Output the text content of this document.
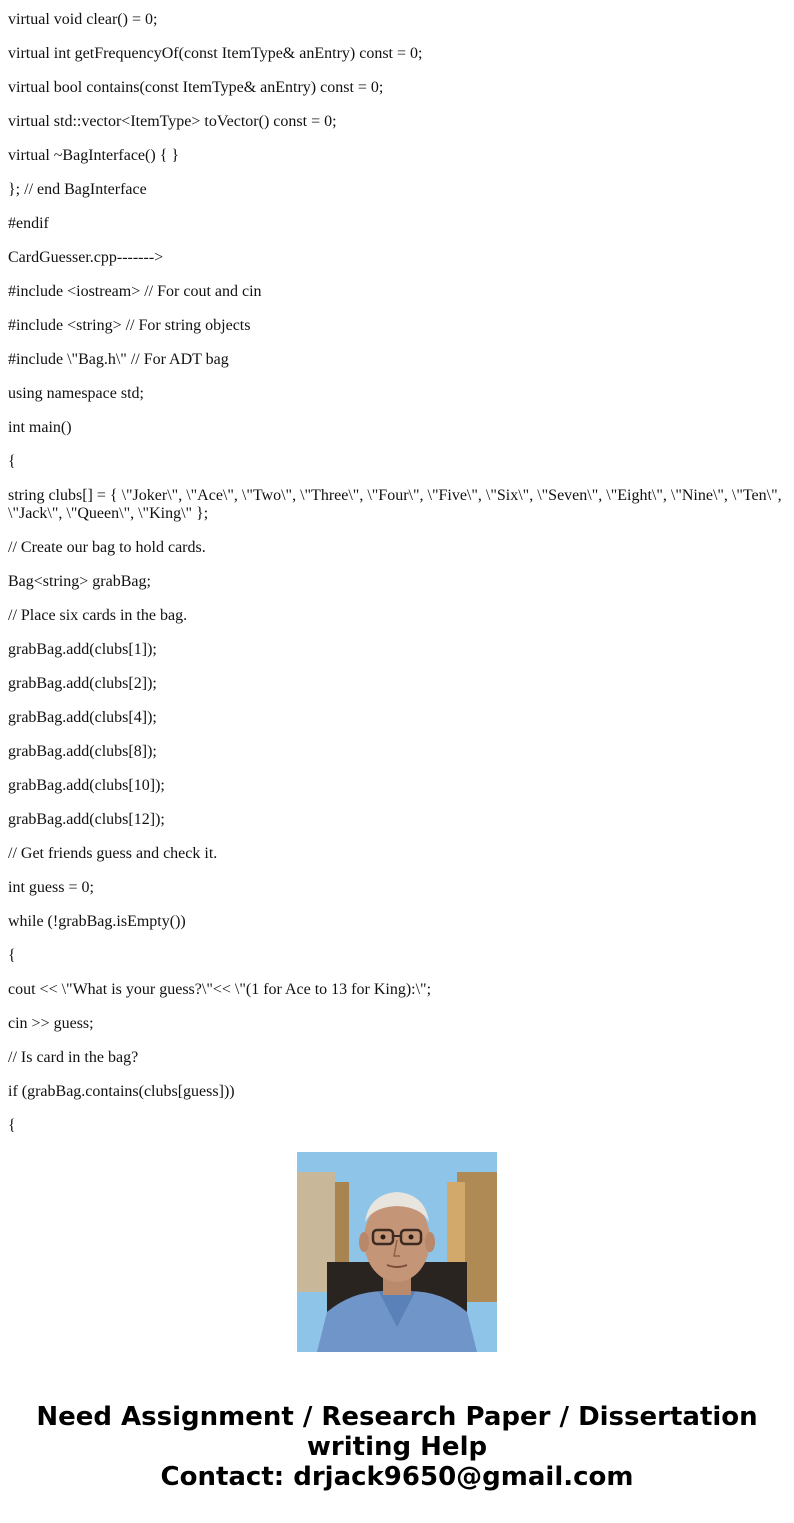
virtual void clear() = 0;
virtual int getFrequencyOf(const ItemType& anEntry) const = 0;
virtual bool contains(const ItemType& anEntry) const = 0;
virtual std::vector<ItemType> toVector() const = 0;
virtual ~BagInterface() { }
}; // end BagInterface
#endif
CardGuesser.cpp------->
#include <iostream> // For cout and cin
#include <string> // For string objects
#include \"Bag.h\" // For ADT bag
using namespace std;
int main()
{
string clubs[] = { \"Joker\", \"Ace\", \"Two\", \"Three\", \"Four\", \"Five\", \"Six\", \"Seven\", \"Eight\", \"Nine\", \"Ten\", \"Jack\", \"Queen\", \"King\" };
// Create our bag to hold cards.
Bag<string> grabBag;
// Place six cards in the bag.
grabBag.add(clubs[1]);
grabBag.add(clubs[2]);
grabBag.add(clubs[4]);
grabBag.add(clubs[8]);
grabBag.add(clubs[10]);
grabBag.add(clubs[12]);
// Get friends guess and check it.
int guess = 0;
while (!grabBag.isEmpty())
{
cout << \"What is your guess?\"<< \"(1 for Ace to 13 for King):\";
cin >> guess;
// Is card in the bag?
if (grabBag.contains(clubs[guess]))
{
Need Assignment / Research Paper / Dissertation
writing Help
Contact: drjack9650@gmail.com
